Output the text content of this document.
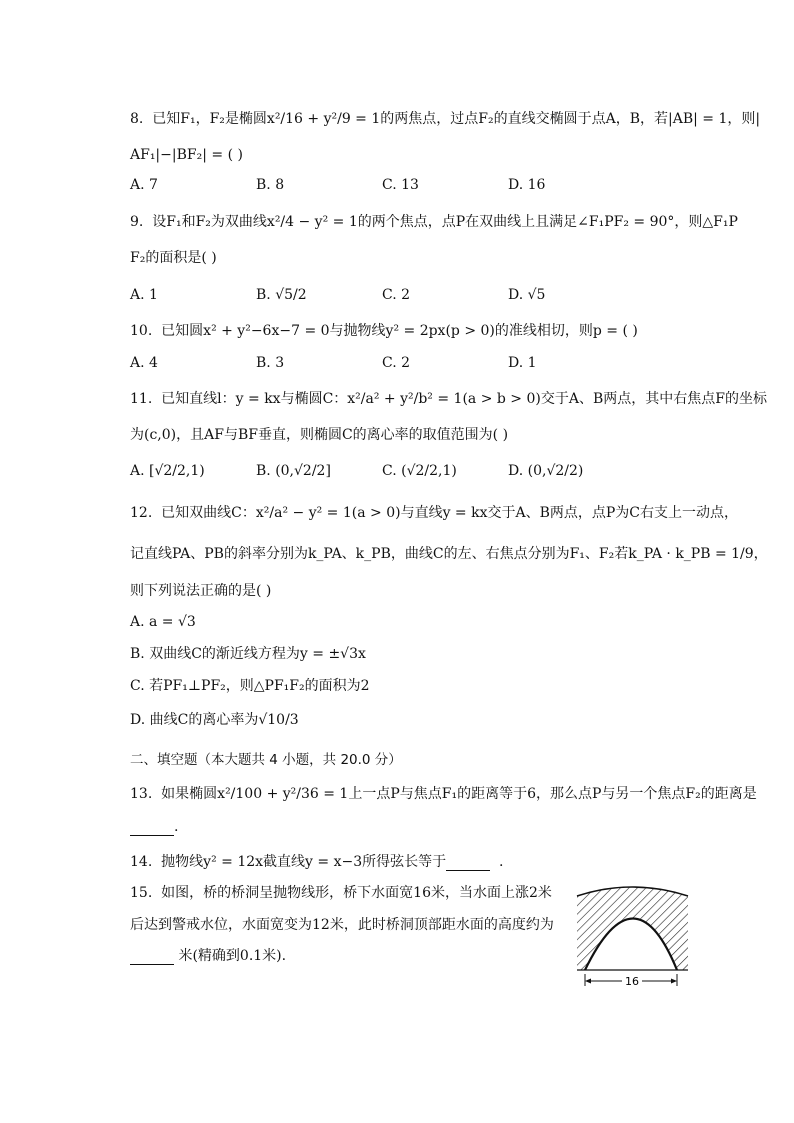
8. 已知F₁，F₂是椭圆x²/16 + y²/9 = 1的两焦点，过点F₂的直线交椭圆于点A，B，若|AB| = 1，则|
AF₁|−|BF₂| = ( )
A. 7	B. 8	C. 13	D. 16
9. 设F₁和F₂为双曲线x²/4 − y² = 1的两个焦点，点P在双曲线上且满足∠F₁PF₂ = 90°，则△F₁P
F₂的面积是( )
A. 1	B. √5/2	C. 2	D. √5
10. 已知圆x² + y²−6x−7 = 0与抛物线y² = 2px(p > 0)的准线相切，则p = ( )
A. 4	B. 3	C. 2	D. 1
11. 已知直线l：y = kx与椭圆C：x²/a² + y²/b² = 1(a > b > 0)交于A、B两点，其中右焦点F的坐标
为(c,0)，且AF与BF垂直，则椭圆C的离心率的取值范围为( )
A. [√2/2,1)	B. (0,√2/2]	C. (√2/2,1)	D. (0,√2/2)
12. 已知双曲线C：x²/a² − y² = 1(a > 0)与直线y = kx交于A、B两点，点P为C右支上一动点，
记直线PA、PB的斜率分别为k_PA、k_PB，曲线C的左、右焦点分别为F₁、F₂若k_PA · k_PB = 1/9，
则下列说法正确的是( )
A. a = √3
B. 双曲线C的渐近线方程为y = ±√3x
C. 若PF₁⊥PF₂，则△PF₁F₂的面积为2
D. 曲线C的离心率为√10/3
二、填空题（本大题共 4 小题，共 20.0 分）
13. 如果椭圆x²/100 + y²/36 = 1上一点P与焦点F₁的距离等于6，那么点P与另一个焦点F₂的距离是
.
14. 抛物线y² = 12x截直线y = x−3所得弦长等于	.
15. 如图，桥的桥洞呈抛物线形，桥下水面宽16米，当水面上涨2米
后达到警戒水位，水面宽变为12米，此时桥洞顶部距水面的高度约为
米(精确到0.1米).
16
